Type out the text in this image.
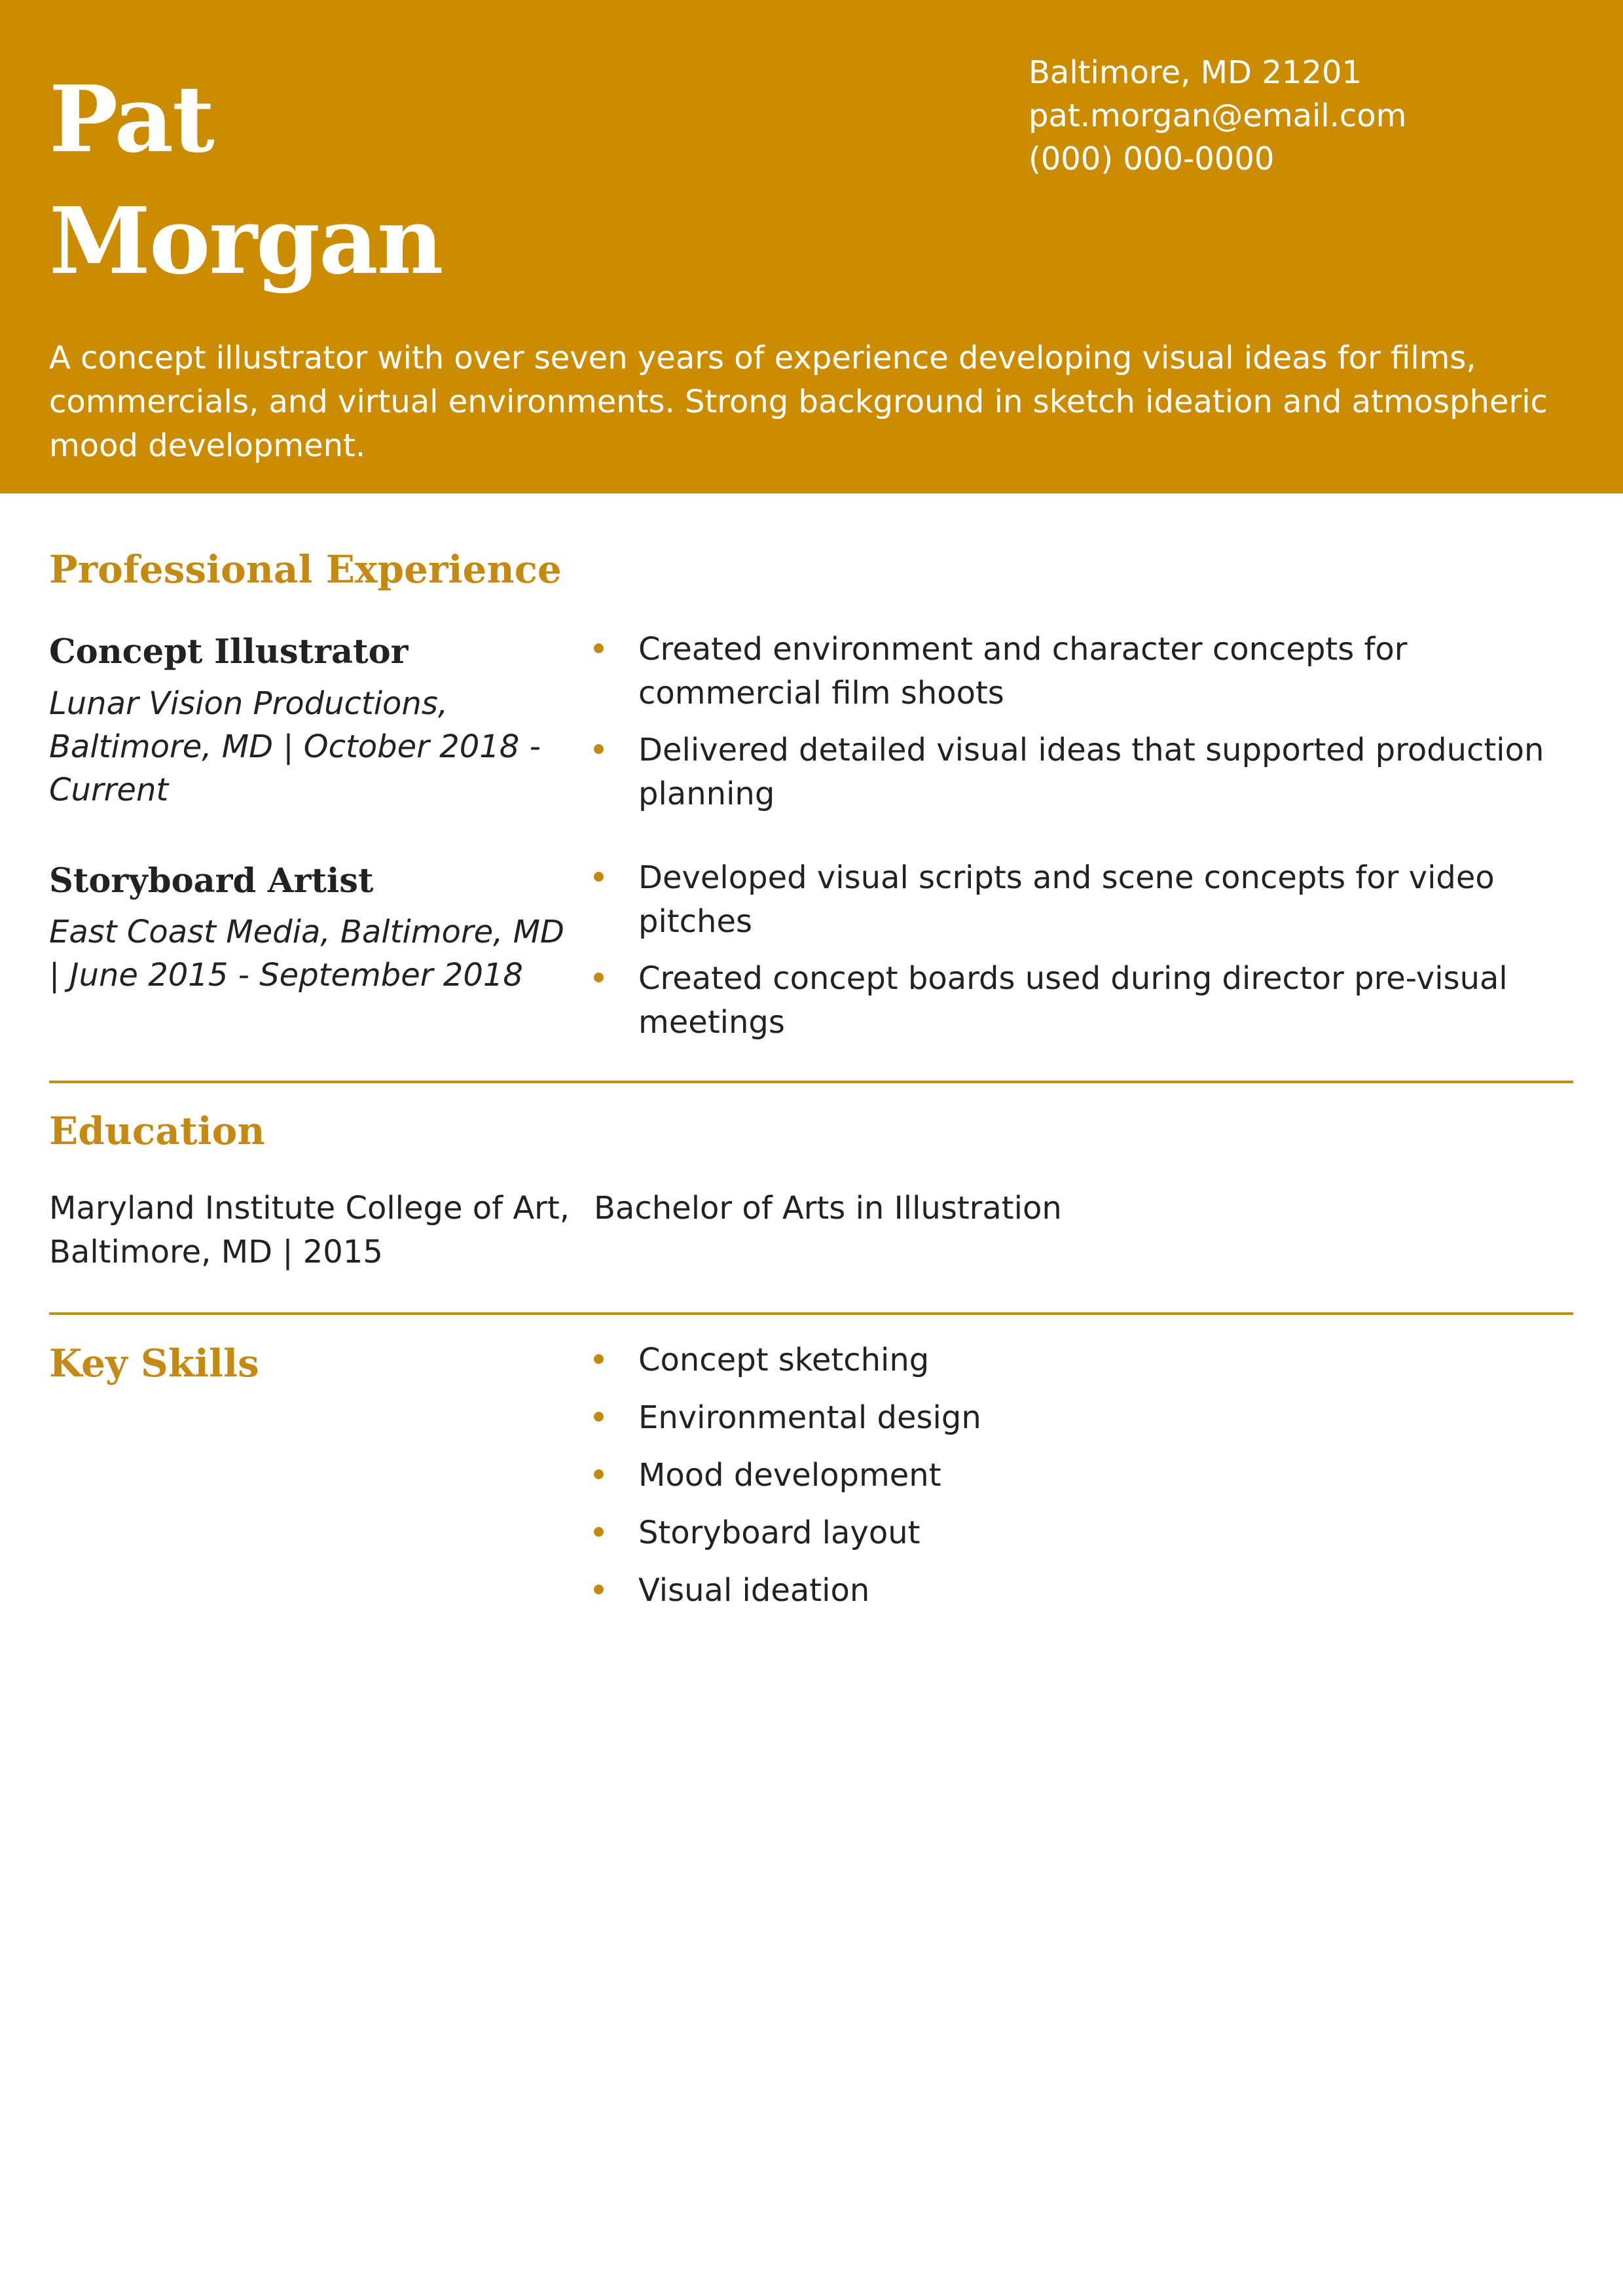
Pat
Morgan
Baltimore, MD 21201
pat.morgan@email.com
(000) 000-0000

A concept illustrator with over seven years of experience developing visual ideas for films, commercials, and virtual environments. Strong background in sketch ideation and atmospheric mood development.

Professional Experience
Concept Illustrator

Lunar Vision Productions, Baltimore, MD | October 2018 - Current

Created environment and character concepts for commercial film shoots
Delivered detailed visual ideas that supported production planning
Storyboard Artist

East Coast Media, Baltimore, MD | June 2015 - September 2018

Developed visual scripts and scene concepts for video pitches
Created concept boards used during director pre-visual meetings
Education

Maryland Institute College of Art, Baltimore, MD | 2015

Bachelor of Arts in Illustration

Key Skills	Concept sketching
Environmental design
Mood development
Storyboard layout
Visual ideation
